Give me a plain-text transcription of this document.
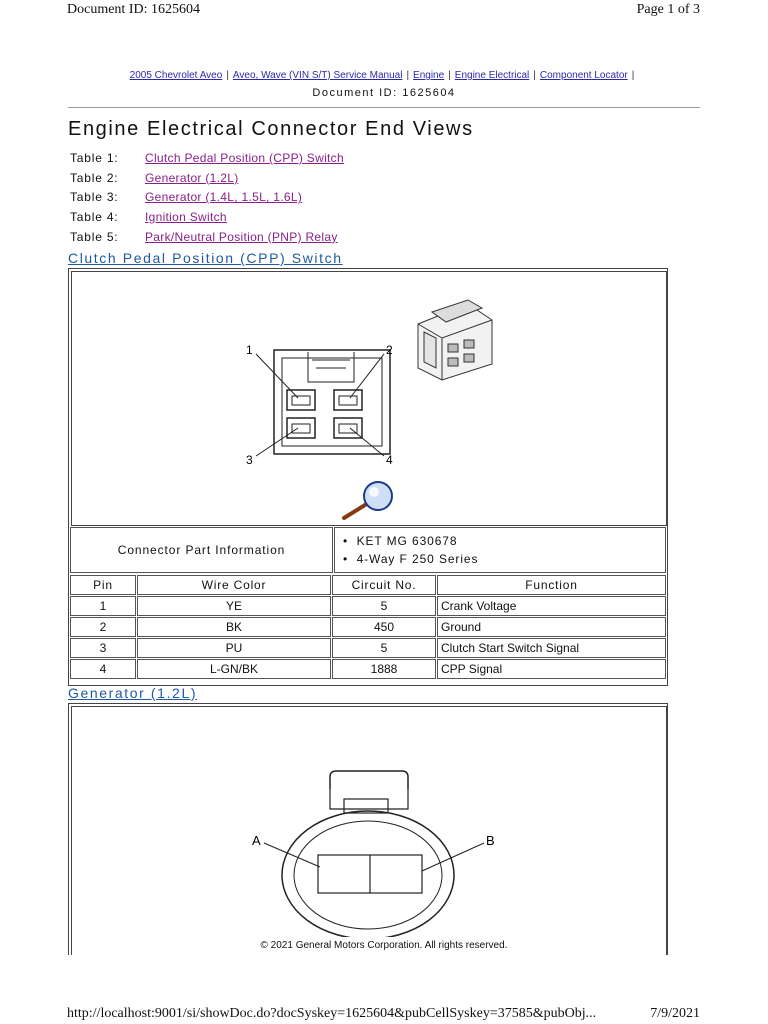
Document ID: 1625604	Page 1 of 3
2005 Chevrolet Aveo | Aveo, Wave (VIN S/T) Service Manual | Engine | Engine Electrical | Component Locator |
Document ID: 1625604
Engine Electrical Connector End Views
Table 1:	Clutch Pedal Position (CPP) Switch
Table 2:	Generator (1.2L)
Table 3:	Generator (1.4L, 1.5L, 1.6L)
Table 4:	Ignition Switch
Table 5:	Park/Neutral Position (PNP) Relay
Clutch Pedal Position (CPP) Switch
1	2
3	4
Connector Part Information	
•  KET MG 630678
•  4-Way F 250 Series
Pin	Wire Color	Circuit No.	Function
1	YE	5	Crank Voltage
2	BK	450	Ground
3	PU	5	Clutch Start Switch Signal
4	L-GN/BK	1888	CPP Signal
Generator (1.2L)
A	B
© 2021 General Motors Corporation. All rights reserved.
http://localhost:9001/si/showDoc.do?docSyskey=1625604&pubCellSyskey=37585&pubObj...	7/9/2021
